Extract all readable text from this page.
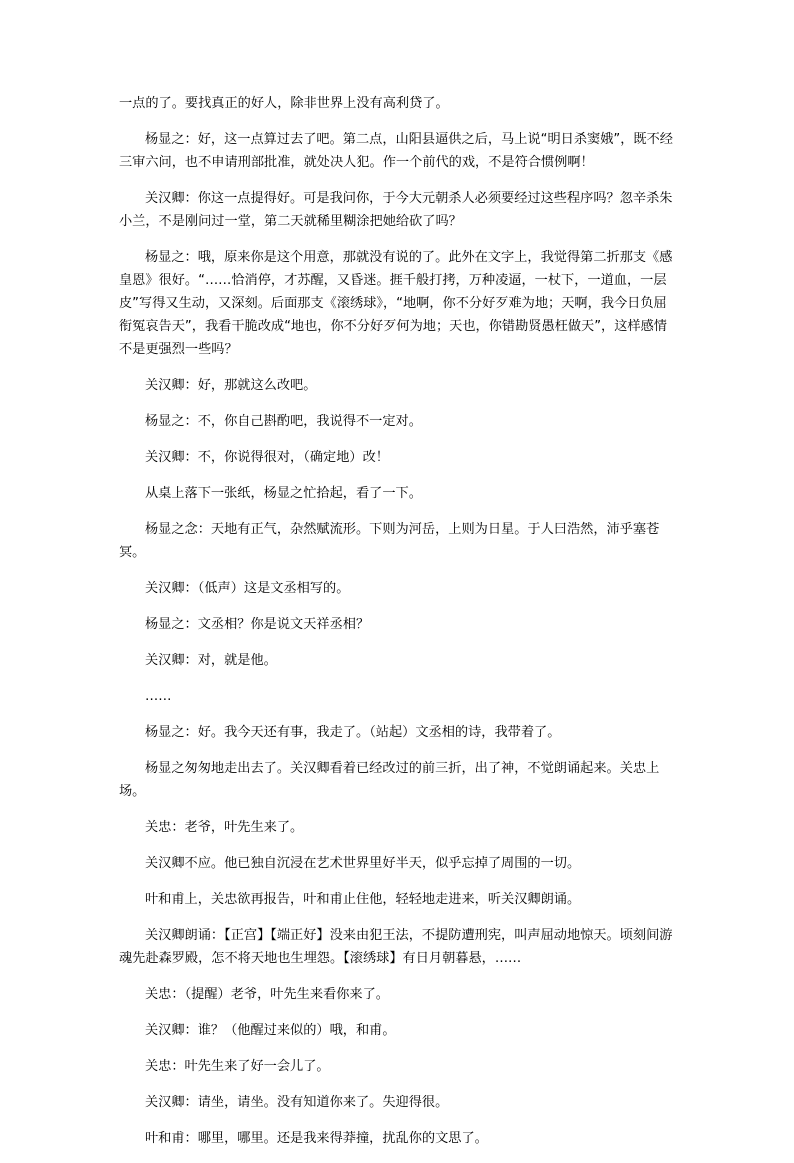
一点的了。要找真正的好人，除非世界上没有高利贷了。

杨显之：好，这一点算过去了吧。第二点，山阳县逼供之后，马上说“明日杀窦娥”，既不经三审六问，也不申请刑部批准，就处决人犯。作一个前代的戏，不是符合惯例啊！

关汉卿：你这一点提得好。可是我问你，于今大元朝杀人必须要经过这些程序吗？忽辛杀朱小兰，不是刚问过一堂，第二天就稀里糊涂把她给砍了吗？

杨显之：哦，原来你是这个用意，那就没有说的了。此外在文字上，我觉得第二折那支《感皇恩》很好。“……恰消停，才苏醒，又昏迷。捱千般打拷，万种凌逼，一杖下，一道血，一层皮”写得又生动，又深刻。后面那支《滚绣球》，“地啊，你不分好歹难为地；天啊，我今日负屈衔冤哀告天”，我看干脆改成“地也，你不分好歹何为地；天也，你错勘贤愚枉做天”，这样感情不是更强烈一些吗？

关汉卿：好，那就这么改吧。

杨显之：不，你自己斟酌吧，我说得不一定对。

关汉卿：不，你说得很对，（确定地）改！

从桌上落下一张纸，杨显之忙拾起，看了一下。

杨显之念：天地有正气，杂然赋流形。下则为河岳，上则为日星。于人曰浩然，沛乎塞苍冥。

关汉卿：（低声）这是文丞相写的。

杨显之：文丞相？你是说文天祥丞相？

关汉卿：对，就是他。

……

杨显之：好。我今天还有事，我走了。（站起）文丞相的诗，我带着了。

杨显之匆匆地走出去了。关汉卿看着已经改过的前三折，出了神，不觉朗诵起来。关忠上场。

关忠：老爷，叶先生来了。

关汉卿不应。他已独自沉浸在艺术世界里好半天，似乎忘掉了周围的一切。

叶和甫上，关忠欲再报告，叶和甫止住他，轻轻地走进来，听关汉卿朗诵。

关汉卿朗诵：【正宫】【端正好】没来由犯王法，不提防遭刑宪，叫声屈动地惊天。顷刻间游魂先赴森罗殿，怎不将天地也生埋怨。【滚绣球】有日月朝暮悬，……

关忠：（提醒）老爷，叶先生来看你来了。

关汉卿：谁？（他醒过来似的）哦，和甫。

关忠：叶先生来了好一会儿了。

关汉卿：请坐，请坐。没有知道你来了。失迎得很。

叶和甫：哪里，哪里。还是我来得莽撞，扰乱你的文思了。
